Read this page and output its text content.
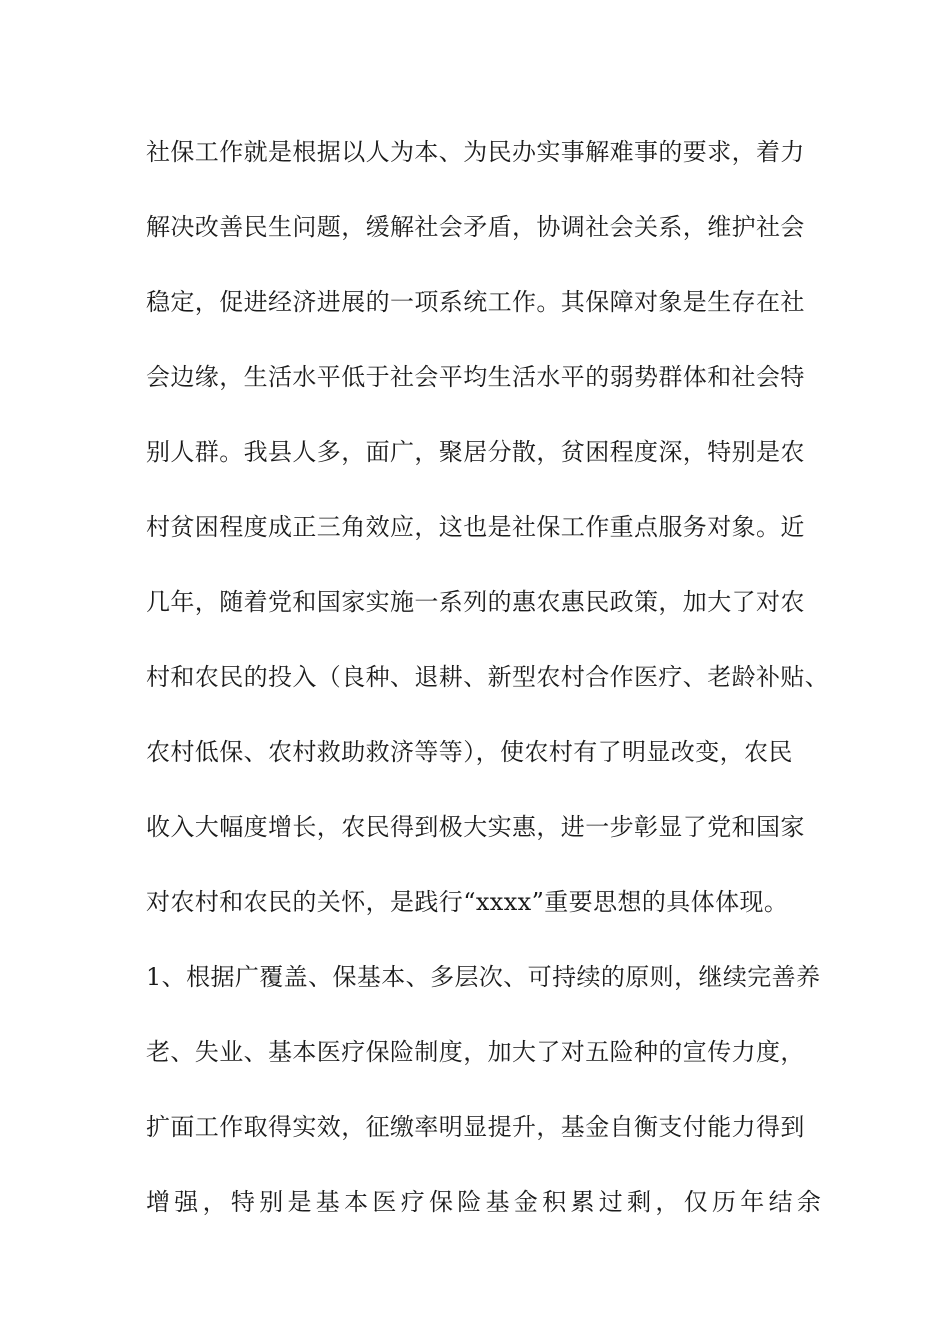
社保工作就是根据以人为本、为民办实事解难事的要求，着力
解决改善民生问题，缓解社会矛盾，协调社会关系，维护社会
稳定，促进经济进展的一项系统工作。其保障对象是生存在社
会边缘，生活水平低于社会平均生活水平的弱势群体和社会特
别人群。我县人多，面广，聚居分散，贫困程度深，特别是农
村贫困程度成正三角效应，这也是社保工作重点服务对象。近
几年，随着党和国家实施一系列的惠农惠民政策，加大了对农
村和农民的投入（良种、退耕、新型农村合作医疗、老龄补贴、
农村低保、农村救助救济等等），使农村有了明显改变，农民
收入大幅度增长，农民得到极大实惠，进一步彰显了党和国家
对农村和农民的关怀，是践行“xxxx”重要思想的具体体现。
1、根据广覆盖、保基本、多层次、可持续的原则，继续完善养
老、失业、基本医疗保险制度，加大了对五险种的宣传力度，
扩面工作取得实效，征缴率明显提升，基金自衡支付能力得到
增强，特别是基本医疗保险基金积累过剩，仅历年结余
